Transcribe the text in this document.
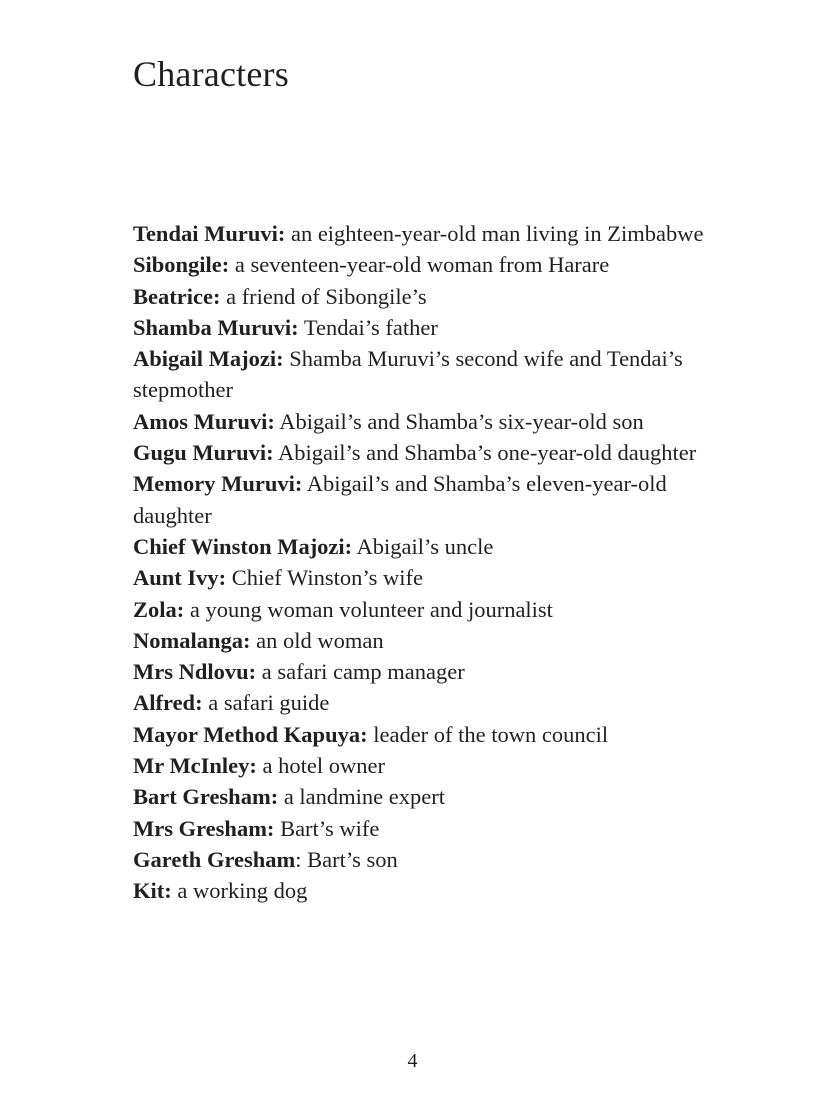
Characters
Tendai Muruvi: an eighteen-year-old man living in Zimbabwe
Sibongile: a seventeen-year-old woman from Harare
Beatrice: a friend of Sibongile’s
Shamba Muruvi: Tendai’s father
Abigail Majozi: Shamba Muruvi’s second wife and Tendai’s stepmother
Amos Muruvi: Abigail’s and Shamba’s six-year-old son
Gugu Muruvi: Abigail’s and Shamba’s one-year-old daughter
Memory Muruvi: Abigail’s and Shamba’s eleven-year-old daughter
Chief Winston Majozi: Abigail’s uncle
Aunt Ivy: Chief Winston’s wife
Zola: a young woman volunteer and journalist
Nomalanga: an old woman
Mrs Ndlovu: a safari camp manager
Alfred: a safari guide
Mayor Method Kapuya: leader of the town council
Mr McInley: a hotel owner
Bart Gresham: a landmine expert
Mrs Gresham: Bart’s wife
Gareth Gresham: Bart’s son
Kit: a working dog
4
